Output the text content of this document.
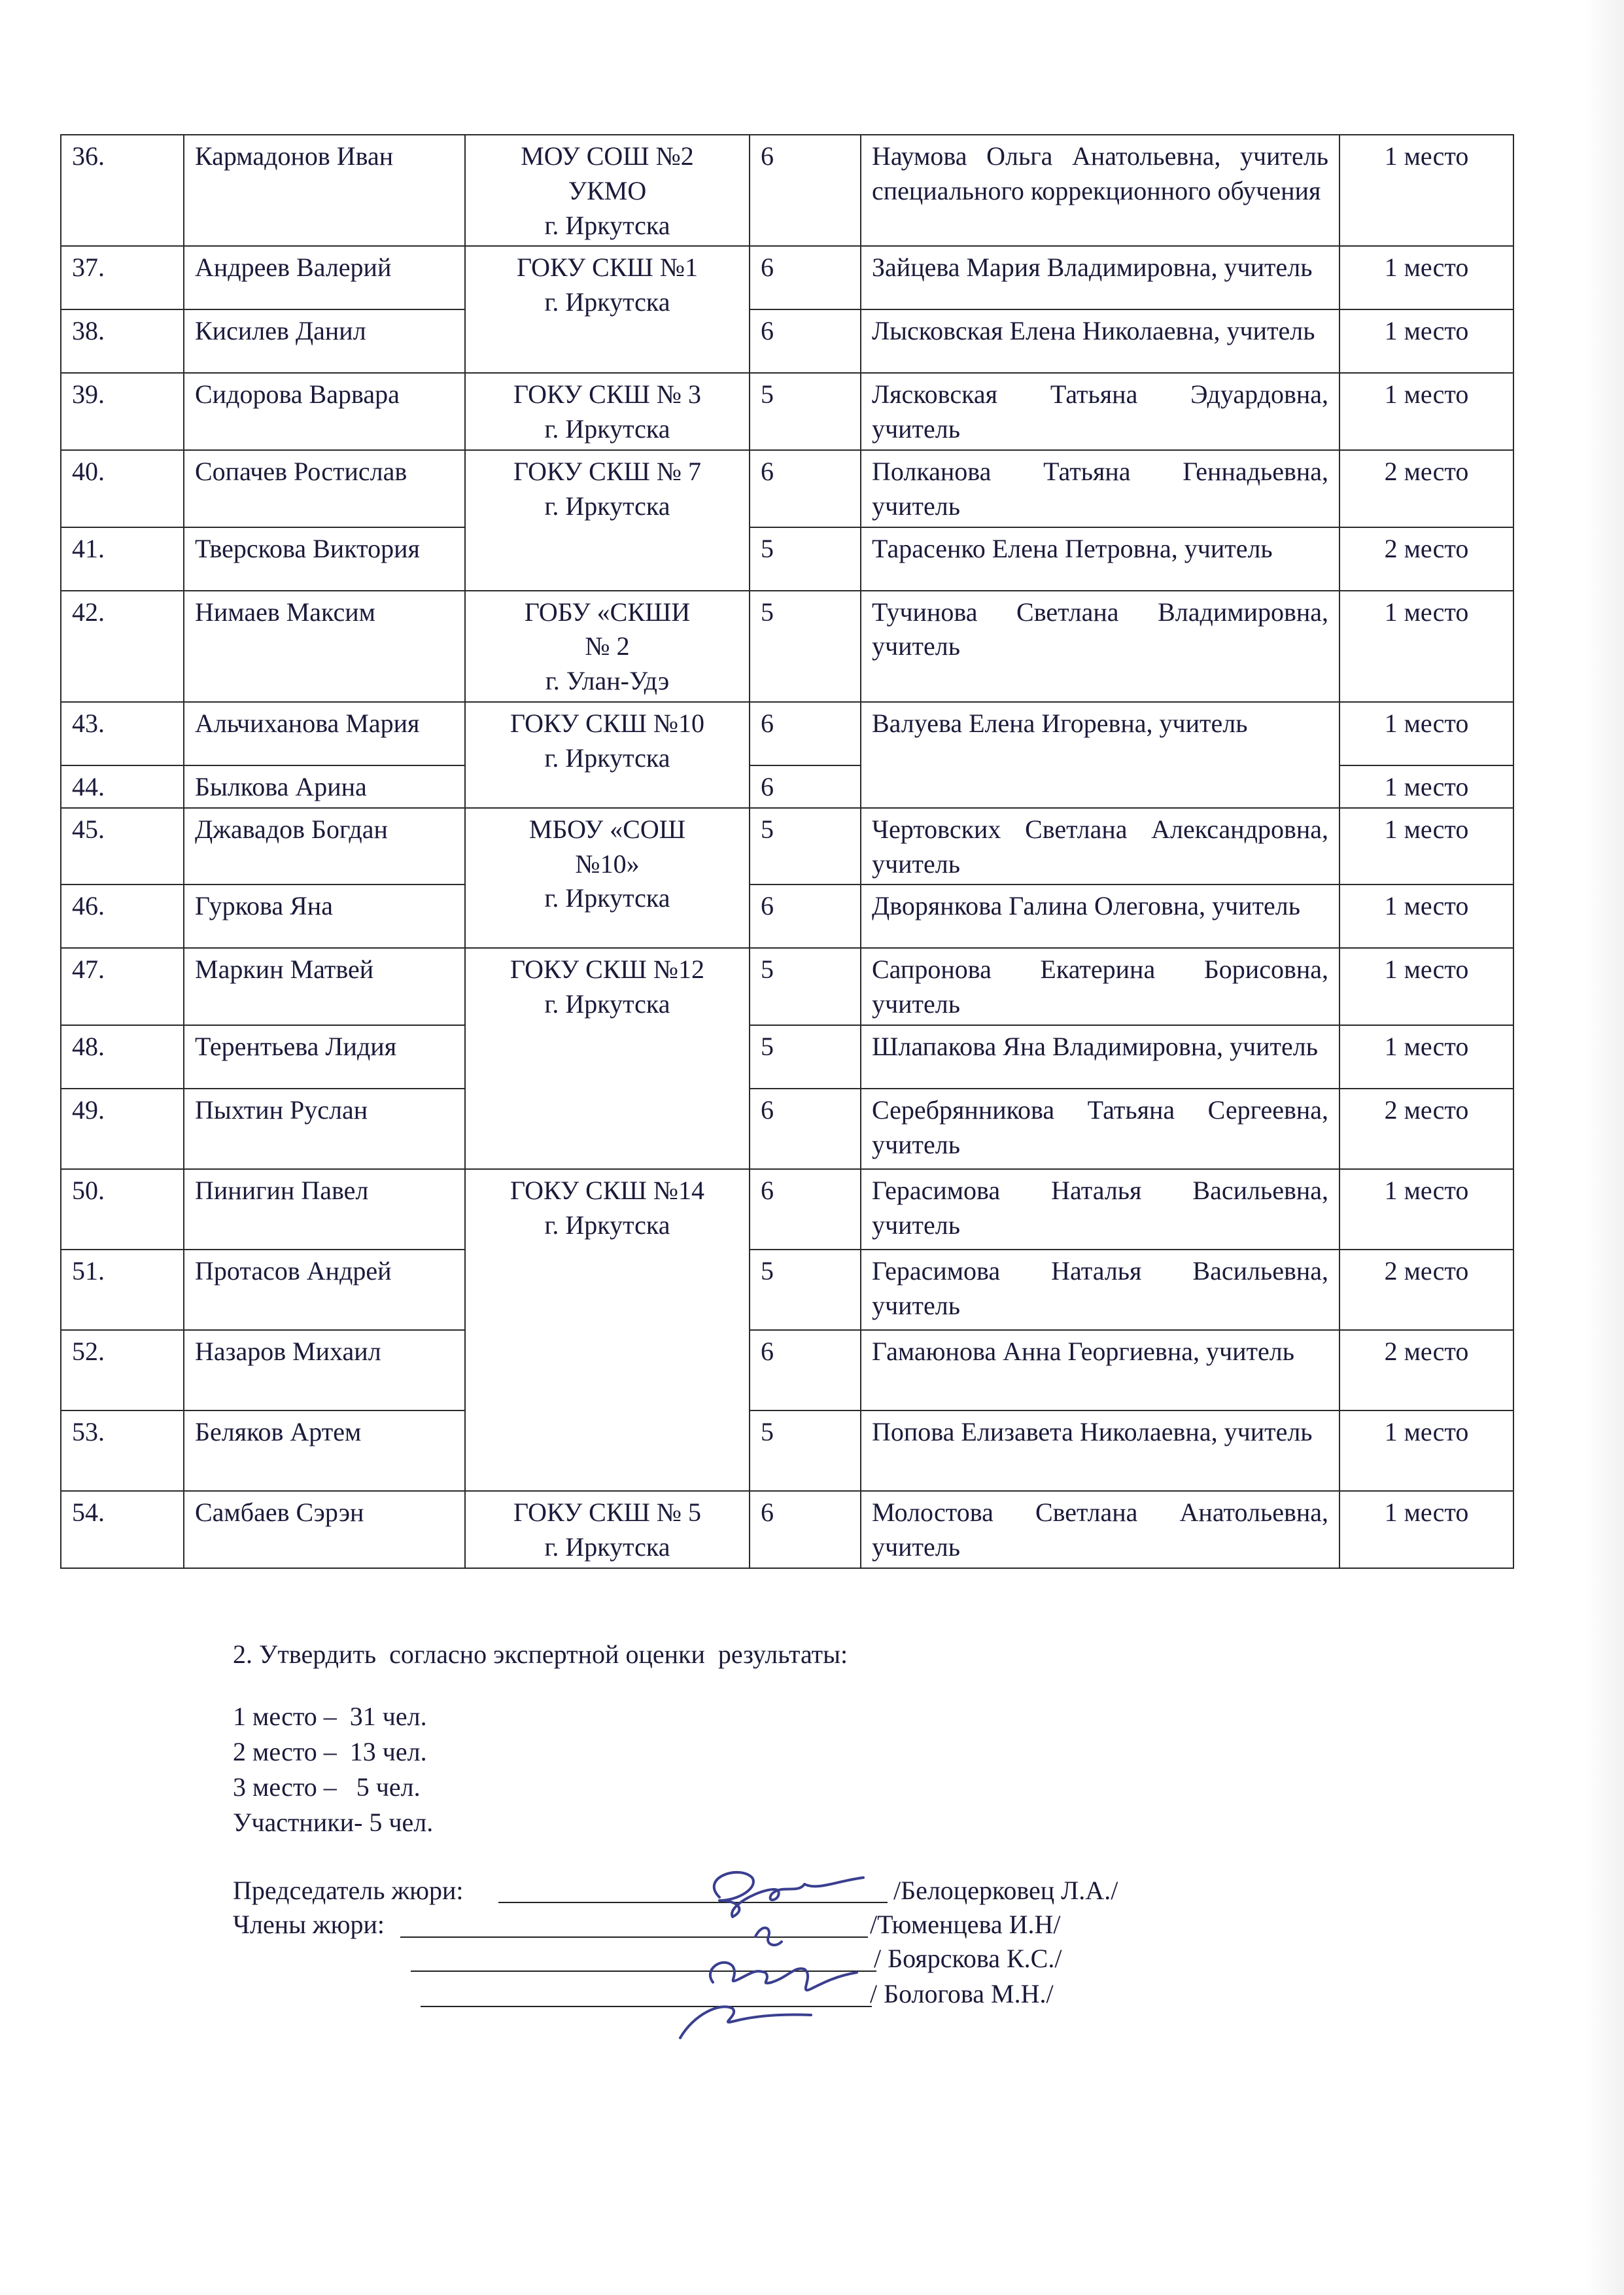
36.	Кармадонов Иван	МОУ СОШ №2
УКМО
г. Иркутска	6	Наумова Ольга Анатольевна, учитель специального коррекционного обучения	1 место
37.	Андреев Валерий	ГОКУ СКШ №1
г. Иркутска	6	Зайцева Мария Владимировна, учитель	1 место
38.	Кисилев Данил		6	Лысковская Елена Николаевна, учитель	1 место
39.	Сидорова Варвара	ГОКУ СКШ № 3
г. Иркутска	5	Лясковская Татьяна Эдуардовна, учитель	1 место
40.	Сопачев Ростислав	ГОКУ СКШ № 7
г. Иркутска	6	Полканова Татьяна Геннадьевна, учитель	2 место
41.	Тверскова Виктория		5	Тарасенко Елена Петровна, учитель	2 место
42.	Нимаев Максим	ГОБУ «СКШИ
№ 2
г. Улан-Удэ	5	Тучинова Светлана Владимировна, учитель	1 место
43.	Альчиханова Мария	ГОКУ СКШ №10
г. Иркутска	6	Валуева Елена Игоревна, учитель	1 место
44.	Былкова Арина		6		1 место
45.	Джавадов Богдан	МБОУ «СОШ
№10»
г. Иркутска	5	Чертовских Светлана Александровна, учитель	1 место
46.	Гуркова Яна		6	Дворянкова Галина Олеговна, учитель	1 место
47.	Маркин Матвей	ГОКУ СКШ №12
г. Иркутска	5	Сапронова Екатерина Борисовна, учитель	1 место
48.	Терентьева Лидия		5	Шлапакова Яна Владимировна, учитель	1 место
49.	Пыхтин Руслан		6	Серебрянникова Татьяна Сергеевна, учитель	2 место
50.	Пинигин Павел	ГОКУ СКШ №14
г. Иркутска	6	Герасимова Наталья Васильевна, учитель	1 место
51.	Протасов Андрей		5	Герасимова Наталья Васильевна, учитель	2 место
52.	Назаров Михаил		6	Гамаюнова Анна Георгиевна, учитель	2 место
53.	Беляков Артем		5	Попова Елизавета Николаевна, учитель	1 место
54.	Самбаев Сэрэн	ГОКУ СКШ № 5
г. Иркутска	6	Молостова Светлана Анатольевна, учитель	1 место
2. Утвердить  согласно экспертной оценки  результаты:
1 место –  31 чел.
2 место –  13 чел.
3 место –   5 чел.
Участники- 5 чел.
Председатель жюри:	/Белоцерковец Л.А./
Члены жюри:	/Тюменцева И.Н/
/ Боярскова К.С./
/ Бологова М.Н./
